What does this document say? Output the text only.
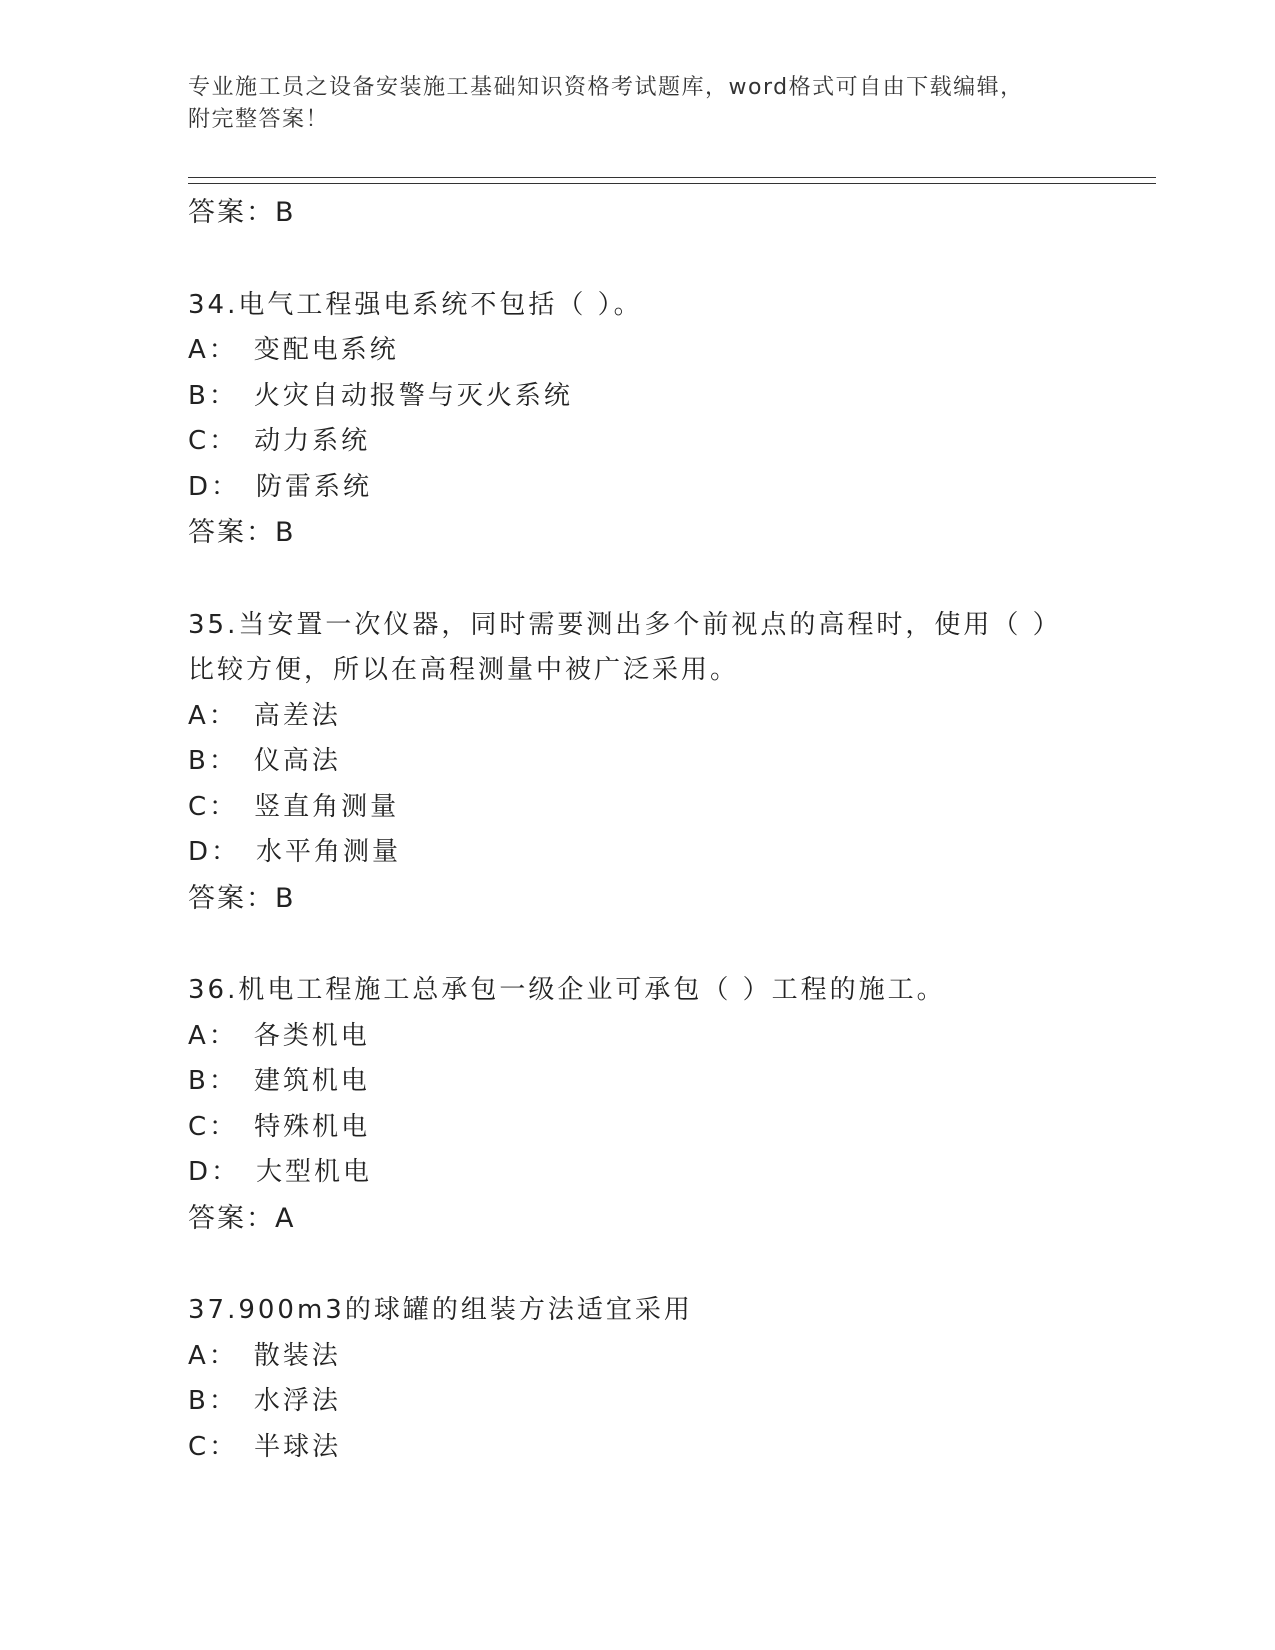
专业施工员之设备安装施工基础知识资格考试题库，word格式可自由下载编辑，
附完整答案！
答案：B
34.电气工程强电系统不包括（ ）。
A： 变配电系统
B： 火灾自动报警与灭火系统
C： 动力系统
D： 防雷系统
答案：B
35.当安置一次仪器，同时需要测出多个前视点的高程时，使用（ ）
比较方便，所以在高程测量中被广泛采用。
A： 高差法
B： 仪高法
C： 竖直角测量
D： 水平角测量
答案：B
36.机电工程施工总承包一级企业可承包（ ）工程的施工。
A： 各类机电
B： 建筑机电
C： 特殊机电
D： 大型机电
答案：A
37.900m3的球罐的组装方法适宜采用
A： 散装法
B： 水浮法
C： 半球法
